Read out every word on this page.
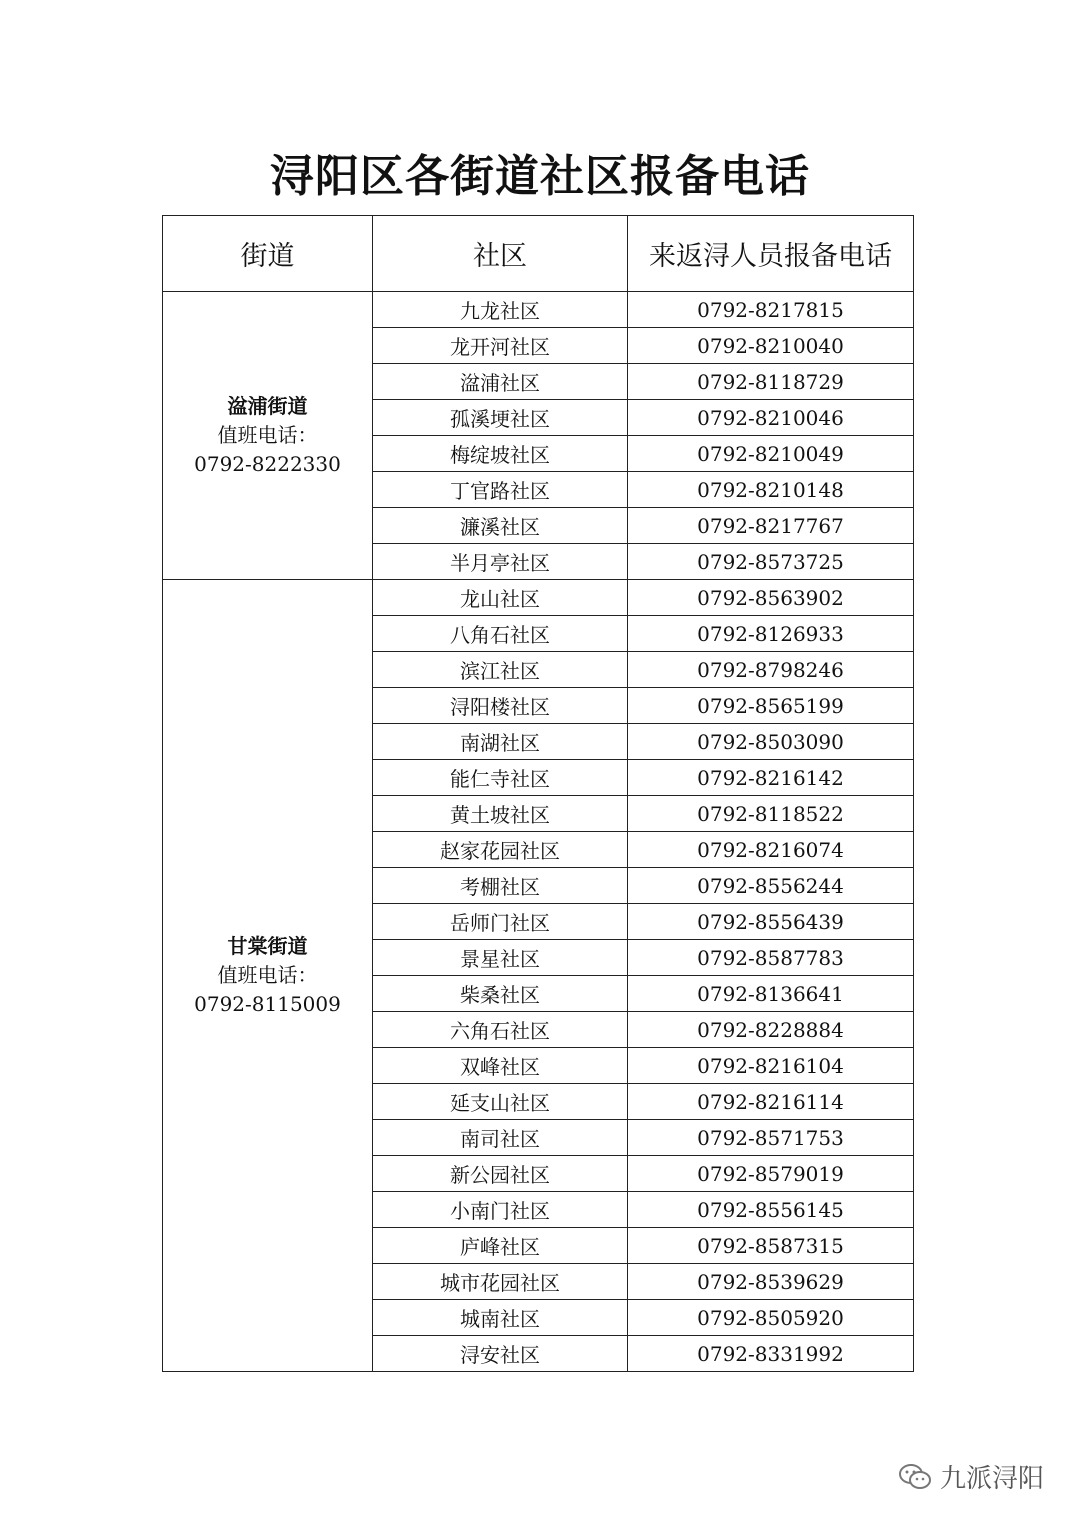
浔阳区各街道社区报备电话
街道	社区	来返浔人员报备电话

湓浦街道
值班电话：
0792-8222330	九龙社区	0792-8217815
	龙开河社区	0792-8210040
	湓浦社区	0792-8118729
	孤溪埂社区	0792-8210046
	梅绽坡社区	0792-8210049
	丁官路社区	0792-8210148
	濂溪社区	0792-8217767
	半月亭社区	0792-8573725

甘棠街道
值班电话：
0792-8115009	龙山社区	0792-8563902
	八角石社区	0792-8126933
	滨江社区	0792-8798246
	浔阳楼社区	0792-8565199
	南湖社区	0792-8503090
	能仁寺社区	0792-8216142
	黄土坡社区	0792-8118522
	赵家花园社区	0792-8216074
	考棚社区	0792-8556244
	岳师门社区	0792-8556439
	景星社区	0792-8587783
	柴桑社区	0792-8136641
	六角石社区	0792-8228884
	双峰社区	0792-8216104
	延支山社区	0792-8216114
	南司社区	0792-8571753
	新公园社区	0792-8579019
	小南门社区	0792-8556145
	庐峰社区	0792-8587315
	城市花园社区	0792-8539629
	城南社区	0792-8505920
	浔安社区	0792-8331992
九派浔阳
